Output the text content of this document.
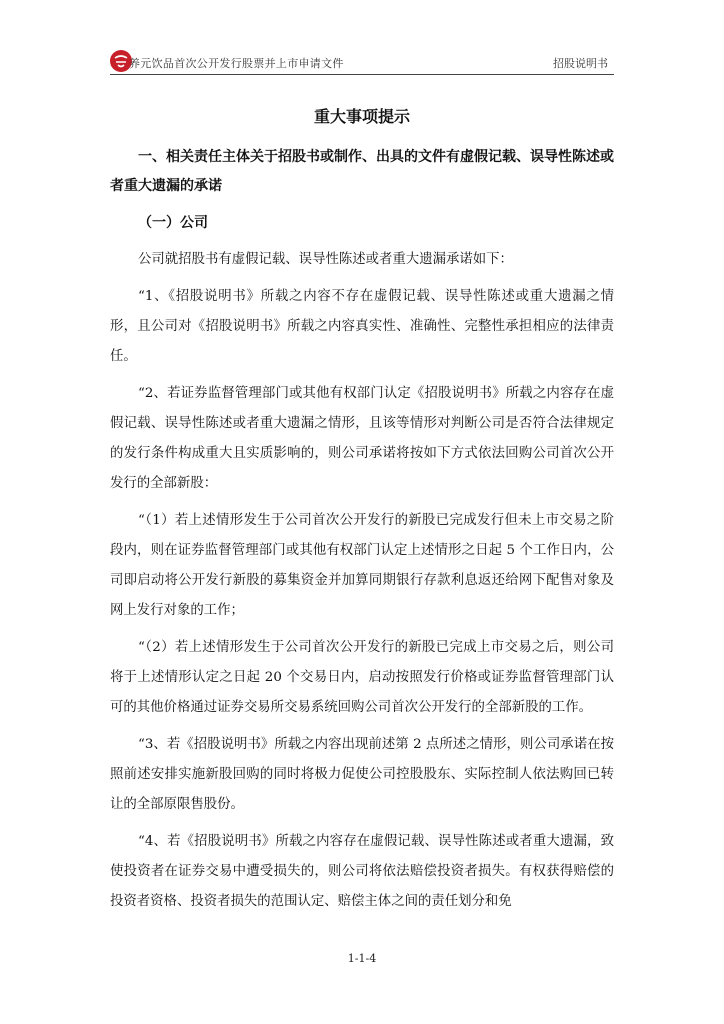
养元饮品首次公开发行股票并上市申请文件	招股说明书
重大事项提示

一、相关责任主体关于招股书或制作、出具的文件有虚假记载、误导性陈述或者重大遗漏的承诺

（一）公司

公司就招股书有虚假记载、误导性陈述或者重大遗漏承诺如下：

“1、《招股说明书》所载之内容不存在虚假记载、误导性陈述或重大遗漏之情形，且公司对《招股说明书》所载之内容真实性、准确性、完整性承担相应的法律责任。

“2、若证券监督管理部门或其他有权部门认定《招股说明书》所载之内容存在虚假记载、误导性陈述或者重大遗漏之情形，且该等情形对判断公司是否符合法律规定的发行条件构成重大且实质影响的，则公司承诺将按如下方式依法回购公司首次公开发行的全部新股：

“（1）若上述情形发生于公司首次公开发行的新股已完成发行但未上市交易之阶段内，则在证券监督管理部门或其他有权部门认定上述情形之日起 5 个工作日内，公司即启动将公开发行新股的募集资金并加算同期银行存款利息返还给网下配售对象及网上发行对象的工作；

“（2）若上述情形发生于公司首次公开发行的新股已完成上市交易之后，则公司将于上述情形认定之日起 20 个交易日内，启动按照发行价格或证券监督管理部门认可的其他价格通过证券交易所交易系统回购公司首次公开发行的全部新股的工作。

“3、若《招股说明书》所载之内容出现前述第 2 点所述之情形，则公司承诺在按照前述安排实施新股回购的同时将极力促使公司控股股东、实际控制人依法购回已转让的全部原限售股份。

“4、若《招股说明书》所载之内容存在虚假记载、误导性陈述或者重大遗漏，致使投资者在证券交易中遭受损失的，则公司将依法赔偿投资者损失。有权获得赔偿的投资者资格、投资者损失的范围认定、赔偿主体之间的责任划分和免

1-1-4
